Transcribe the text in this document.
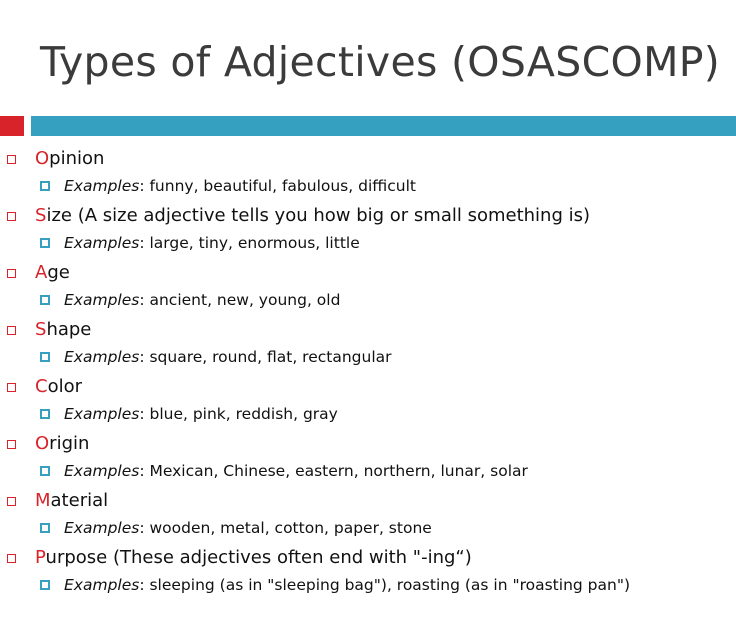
Types of Adjectives (OSASCOMP)
Opinion
Examples: funny, beautiful, fabulous, difficult
Size (A size adjective tells you how big or small something is)
Examples: large, tiny, enormous, little
Age
Examples: ancient, new, young, old
Shape
Examples: square, round, flat, rectangular
Color
Examples: blue, pink, reddish, gray
Origin
Examples: Mexican, Chinese, eastern, northern, lunar, solar
Material
Examples: wooden, metal, cotton, paper, stone
Purpose (These adjectives often end with "-ing“)
Examples: sleeping (as in "sleeping bag"), roasting (as in "roasting pan")
